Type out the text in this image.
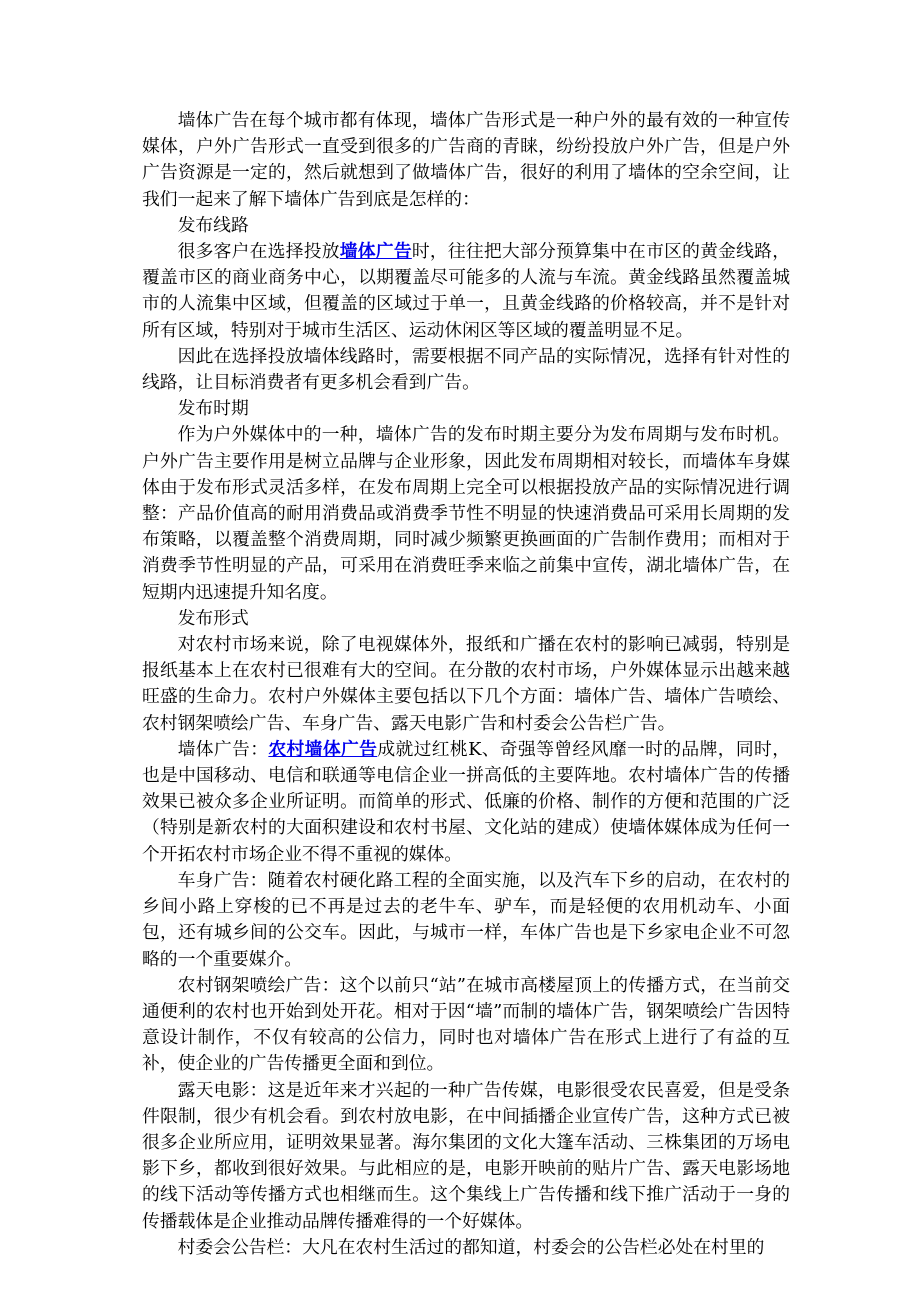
墙体广告在每个城市都有体现，墙体广告形式是一种户外的最有效的一种宣传媒体，户外广告形式一直受到很多的广告商的青睐，纷纷投放户外广告，但是户外广告资源是一定的，然后就想到了做墙体广告，很好的利用了墙体的空余空间，让我们一起来了解下墙体广告到底是怎样的：

发布线路

很多客户在选择投放墙体广告时，往往把大部分预算集中在市区的黄金线路，覆盖市区的商业商务中心，以期覆盖尽可能多的人流与车流。黄金线路虽然覆盖城市的人流集中区域，但覆盖的区域过于单一，且黄金线路的价格较高，并不是针对所有区域，特别对于城市生活区、运动休闲区等区域的覆盖明显不足。

因此在选择投放墙体线路时，需要根据不同产品的实际情况，选择有针对性的线路，让目标消费者有更多机会看到广告。

发布时期

作为户外媒体中的一种，墙体广告的发布时期主要分为发布周期与发布时机。户外广告主要作用是树立品牌与企业形象，因此发布周期相对较长，而墙体车身媒体由于发布形式灵活多样，在发布周期上完全可以根据投放产品的实际情况进行调整：产品价值高的耐用消费品或消费季节性不明显的快速消费品可采用长周期的发布策略，以覆盖整个消费周期，同时减少频繁更换画面的广告制作费用；而相对于消费季节性明显的产品，可采用在消费旺季来临之前集中宣传，湖北墙体广告，在短期内迅速提升知名度。

发布形式

对农村市场来说，除了电视媒体外，报纸和广播在农村的影响已减弱，特别是报纸基本上在农村已很难有大的空间。在分散的农村市场，户外媒体显示出越来越旺盛的生命力。农村户外媒体主要包括以下几个方面：墙体广告、墙体广告喷绘、农村钢架喷绘广告、车身广告、露天电影广告和村委会公告栏广告。

墙体广告：农村墙体广告成就过红桃K、奇强等曾经风靡一时的品牌，同时，也是中国移动、电信和联通等电信企业一拼高低的主要阵地。农村墙体广告的传播效果已被众多企业所证明。而简单的形式、低廉的价格、制作的方便和范围的广泛（特别是新农村的大面积建设和农村书屋、文化站的建成）使墙体媒体成为任何一个开拓农村市场企业不得不重视的媒体。

车身广告：随着农村硬化路工程的全面实施，以及汽车下乡的启动，在农村的乡间小路上穿梭的已不再是过去的老牛车、驴车，而是轻便的农用机动车、小面包，还有城乡间的公交车。因此，与城市一样，车体广告也是下乡家电企业不可忽略的一个重要媒介。

农村钢架喷绘广告：这个以前只“站”在城市高楼屋顶上的传播方式，在当前交通便利的农村也开始到处开花。相对于因“墙”而制的墙体广告，钢架喷绘广告因特意设计制作，不仅有较高的公信力，同时也对墙体广告在形式上进行了有益的互补，使企业的广告传播更全面和到位。

露天电影：这是近年来才兴起的一种广告传媒，电影很受农民喜爱，但是受条件限制，很少有机会看。到农村放电影，在中间插播企业宣传广告，这种方式已被很多企业所应用，证明效果显著。海尔集团的文化大篷车活动、三株集团的万场电影下乡，都收到很好效果。与此相应的是，电影开映前的贴片广告、露天电影场地的线下活动等传播方式也相继而生。这个集线上广告传播和线下推广活动于一身的传播载体是企业推动品牌传播难得的一个好媒体。

村委会公告栏：大凡在农村生活过的都知道，村委会的公告栏必处在村里的
